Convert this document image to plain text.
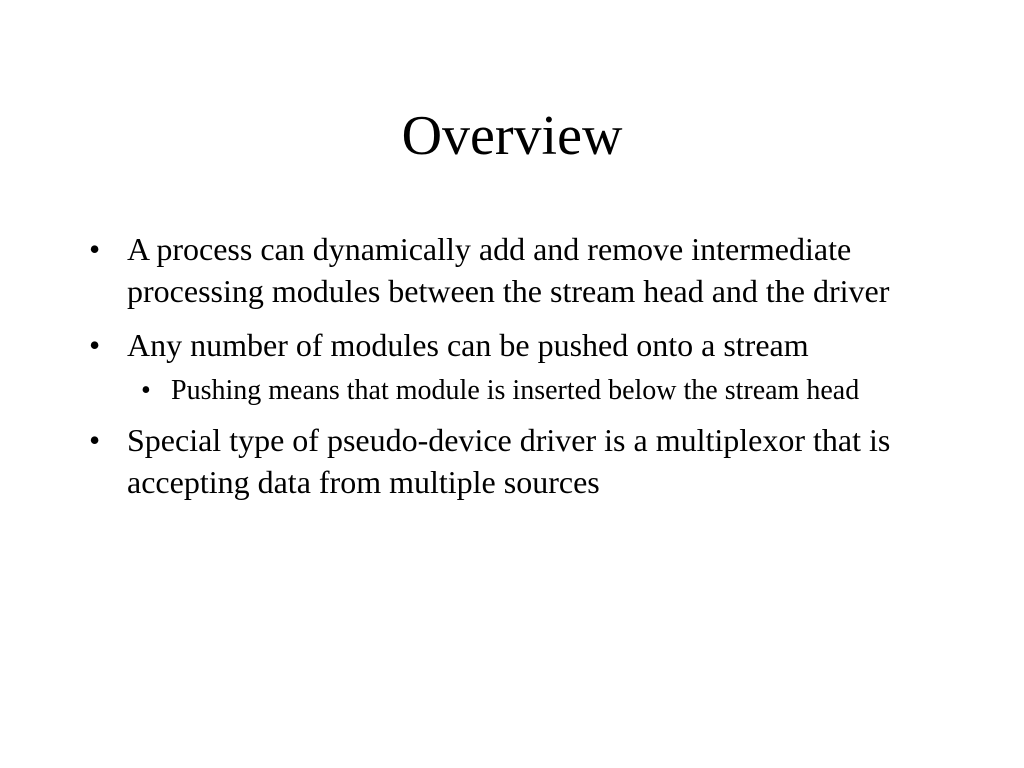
Overview
• A process can dynamically add and remove intermediate processing modules between the stream head and the driver
• Any number of modules can be pushed onto a stream
• Pushing means that module is inserted below the stream head
• Special type of pseudo-device driver is a multiplexor that is accepting data from multiple sources
